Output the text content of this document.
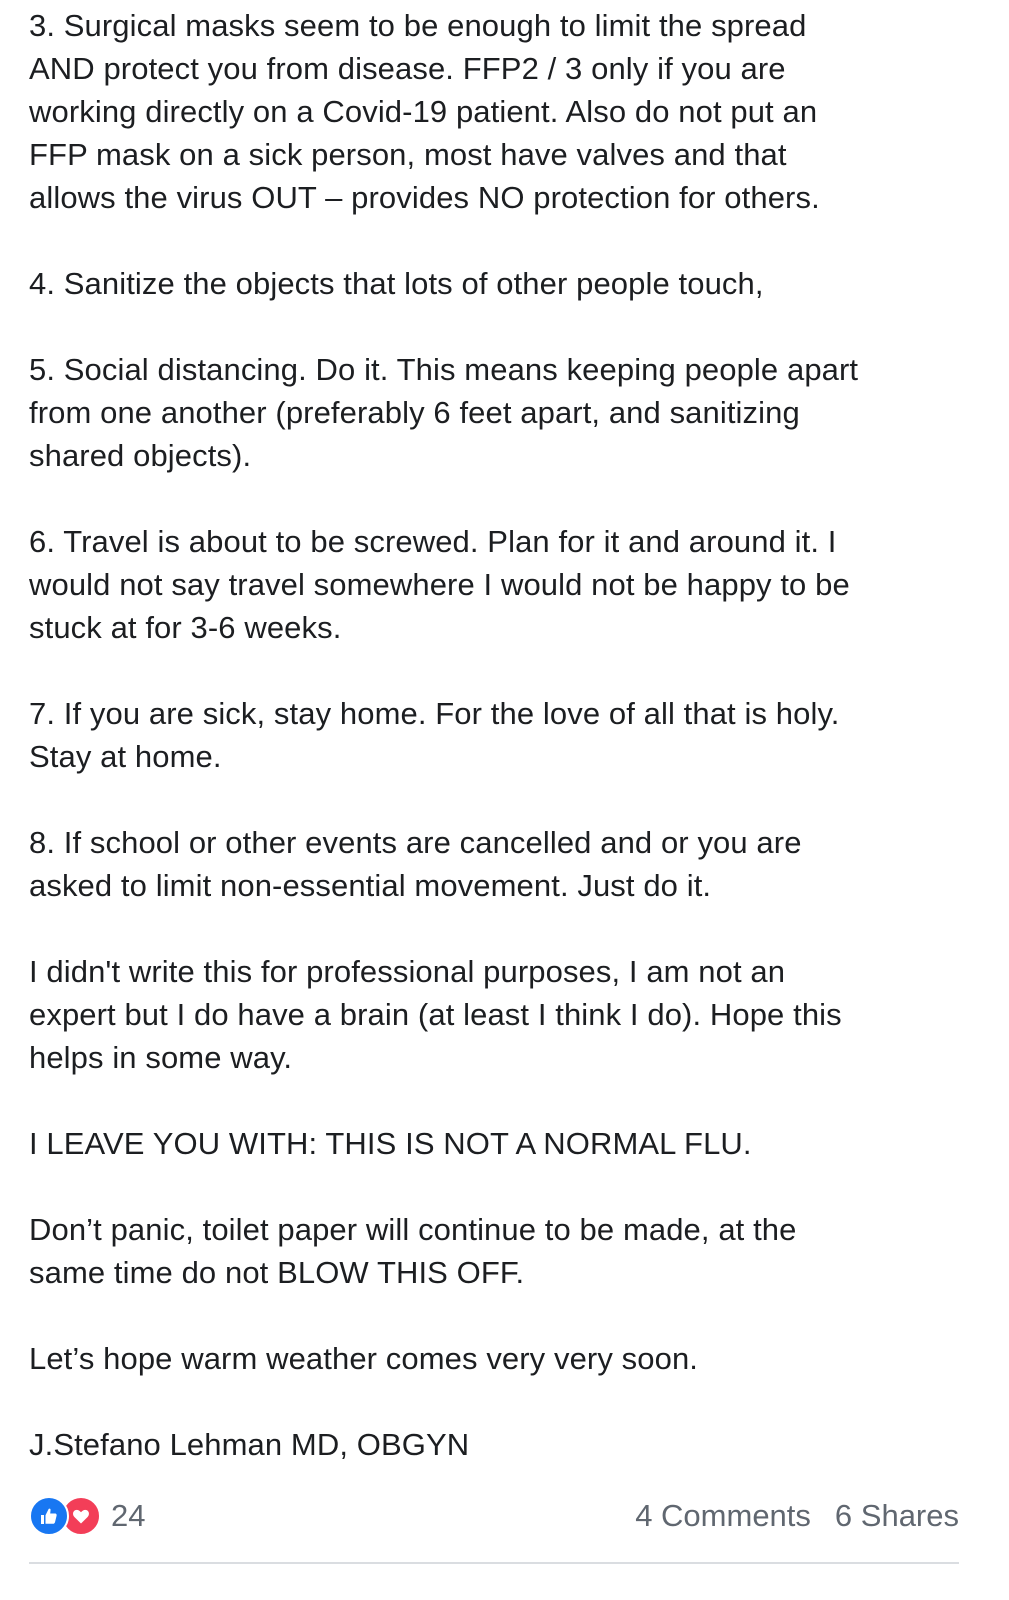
3. Surgical masks seem to be enough to limit the spread
AND protect you from disease. FFP2 / 3 only if you are
working directly on a Covid-19 patient. Also do not put an
FFP mask on a sick person, most have valves and that
allows the virus OUT – provides NO protection for others.

4. Sanitize the objects that lots of other people touch,

5. Social distancing. Do it. This means keeping people apart
from one another (preferably 6 feet apart, and sanitizing
shared objects).

6. Travel is about to be screwed. Plan for it and around it. I
would not say travel somewhere I would not be happy to be
stuck at for 3-6 weeks.

7. If you are sick, stay home. For the love of all that is holy.
Stay at home.

8. If school or other events are cancelled and or you are
asked to limit non-essential movement. Just do it.

I didn't write this for professional purposes, I am not an
expert but I do have a brain (at least I think I do). Hope this
helps in some way.

I LEAVE YOU WITH: THIS IS NOT A NORMAL FLU.

Don’t panic, toilet paper will continue to be made, at the
same time do not BLOW THIS OFF.

Let’s hope warm weather comes very very soon.

J.Stefano Lehman MD, OBGYN

24	4 Comments 6 Shares
